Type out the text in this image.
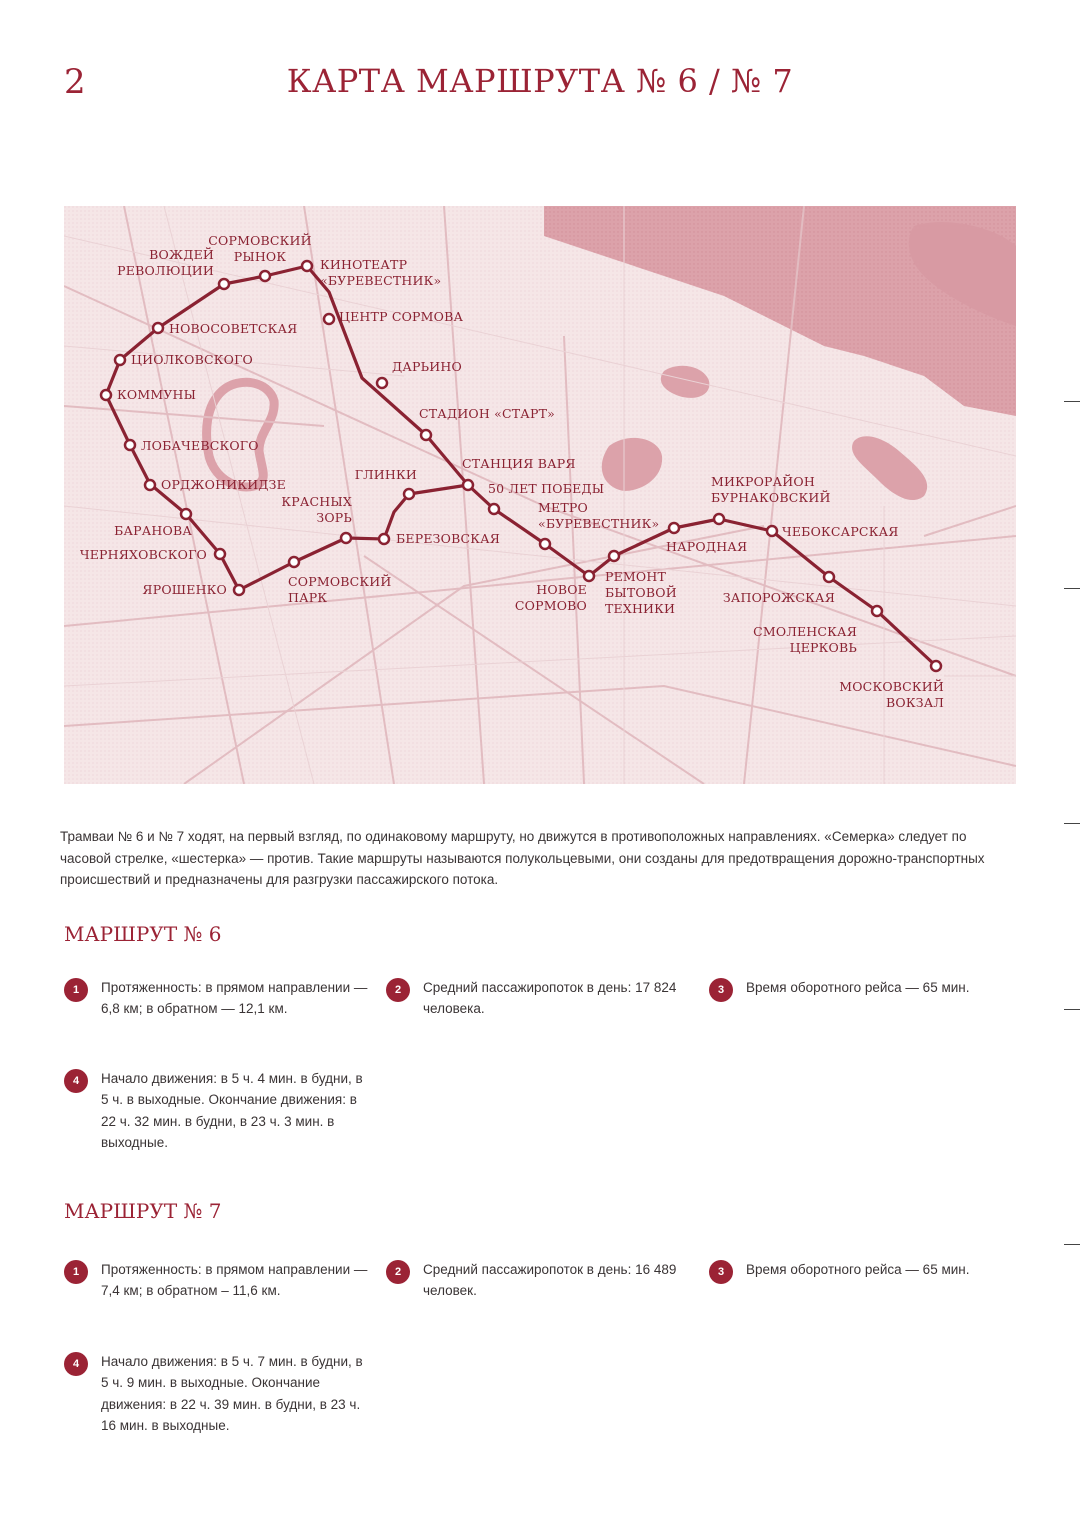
2	КАРТА МАРШРУТА № 6 / № 7
ВОЖДЕЙ РЕВОЛЮЦИИ
СОРМОВСКИЙ РЫНОК
КИНОТЕАТР «БУРЕВЕСТНИК»
ЦЕНТР СОРМОВА
НОВОСОВЕТСКАЯ
ЦИОЛКОВСКОГО
КОММУНЫ
ЛОБАЧЕВСКОГО
ОРДЖОНИКИДЗЕ
БАРАНОВА
ЧЕРНЯХОВСКОГО
ЯРОШЕНКО
СОРМОВСКИЙ ПАРК
КРАСНЫХ ЗОРЬ
БЕРЕЗОВСКАЯ
ГЛИНКИ
ДАРЬИНО
СТАДИОН «СТАРТ»
СТАНЦИЯ ВАРЯ
50 ЛЕТ ПОБЕДЫ
МЕТРО «БУРЕВЕСТНИК»
НОВОЕ СОРМОВО
РЕМОНТ БЫТОВОЙ ТЕХНИКИ
НАРОДНАЯ
МИКРОРАЙОН БУРНАКОВСКИЙ
ЧЕБОКСАРСКАЯ
ЗАПОРОЖСКАЯ
СМОЛЕНСКАЯ ЦЕРКОВЬ
МОСКОВСКИЙ ВОКЗАЛ

Трамваи № 6 и № 7 ходят, на первый взгляд, по одинаковому маршруту, но движутся в противоположных направлениях. «Семерка» следует по часовой стрелке, «шестерка» — против. Такие маршруты называются полукольцевыми, они созданы для предотвращения дорожно-транспортных происшествий и предназначены для разгрузки пассажирского потока.

МАРШРУТ № 6
1	Протяженность: в прямом направлении — 6,8 км; в обратном — 12,1 км.
2	Средний пассажиропоток в день: 17 824 человека.
3	Время оборотного рейса — 65 мин.
4	Начало движения: в 5 ч. 4 мин. в будни, в 5 ч. в выходные. Окончание движения: в 22 ч. 32 мин. в будни, в 23 ч. 3 мин. в выходные.
МАРШРУТ № 7
1	Протяженность: в прямом направлении — 7,4 км; в обратном – 11,6 км.
2	Средний пассажиропоток в день: 16 489 человек.
3	Время оборотного рейса — 65 мин.
4	Начало движения: в 5 ч. 7 мин. в будни, в 5 ч. 9 мин. в выходные. Окончание движения: в 22 ч. 39 мин. в будни, в 23 ч. 16 мин. в выходные.
